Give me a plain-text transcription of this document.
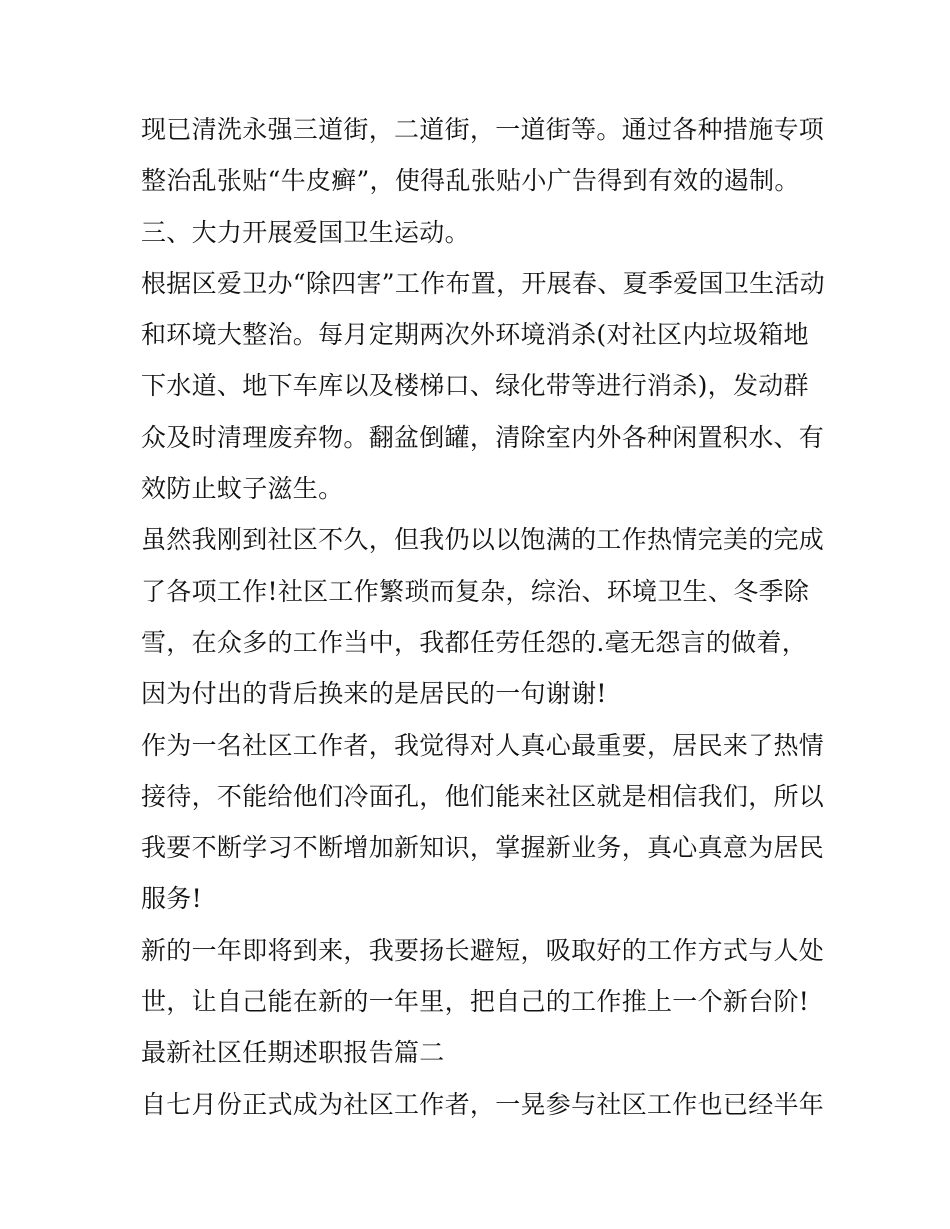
现已清洗永强三道街，二道街，一道街等。通过各种措施专项
整治乱张贴“牛皮癣”，使得乱张贴小广告得到有效的遏制。
三、大力开展爱国卫生运动。
根据区爱卫办“除四害”工作布置，开展春、夏季爱国卫生活动
和环境大整治。每月定期两次外环境消杀(对社区内垃圾箱地
下水道、地下车库以及楼梯口、绿化带等进行消杀)，发动群
众及时清理废弃物。翻盆倒罐，清除室内外各种闲置积水、有
效防止蚊子滋生。
虽然我刚到社区不久，但我仍以以饱满的工作热情完美的完成
了各项工作!社区工作繁琐而复杂，综治、环境卫生、冬季除
雪，在众多的工作当中，我都任劳任怨的.毫无怨言的做着，
因为付出的背后换来的是居民的一句谢谢!
作为一名社区工作者，我觉得对人真心最重要，居民来了热情
接待，不能给他们冷面孔，他们能来社区就是相信我们，所以
我要不断学习不断增加新知识，掌握新业务，真心真意为居民
服务!
新的一年即将到来，我要扬长避短，吸取好的工作方式与人处
世，让自己能在新的一年里，把自己的工作推上一个新台阶!
最新社区任期述职报告篇二
自七月份正式成为社区工作者，一晃参与社区工作也已经半年
